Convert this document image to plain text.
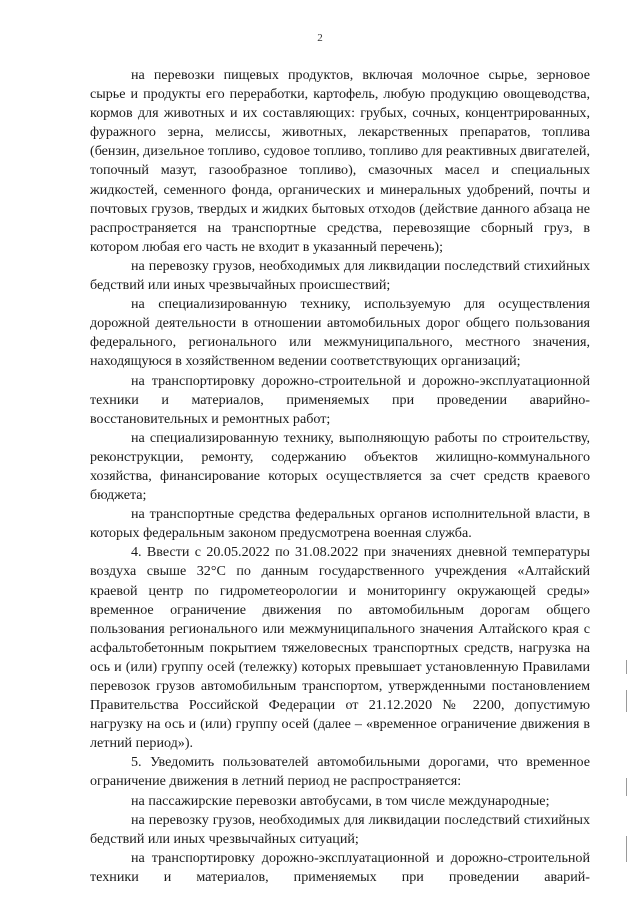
2

на перевозки пищевых продуктов, включая молочное сырье, зерновое сырье и продукты его переработки, картофель, любую продукцию овощеводства, кормов для животных и их составляющих: грубых, сочных, концентрированных, фуражного зерна, мелиссы, животных, лекарственных препаратов, топлива (бензин, дизельное топливо, судовое топливо, топливо для реактивных двигателей, топочный мазут, газообразное топливо), смазочных масел и специальных жидкостей, семенного фонда, органических и минеральных удобрений, почты и почтовых грузов, твердых и жидких бытовых отходов (действие данного абзаца не распространяется на транспортные средства, перевозящие сборный груз, в котором любая его часть не входит в указанный перечень);

на перевозку грузов, необходимых для ликвидации последствий стихийных бедствий или иных чрезвычайных происшествий;

на специализированную технику, используемую для осуществления дорожной деятельности в отношении автомобильных дорог общего пользования федерального, регионального или межмуниципального, местного значения, находящуюся в хозяйственном ведении соответствующих организаций;

на транспортировку дорожно-строительной и дорожно-эксплуатационной техники и материалов, применяемых при проведении аварийно-восстановительных и ремонтных работ;

на специализированную технику, выполняющую работы по строительству, реконструкции, ремонту, содержанию объектов жилищно-коммунального хозяйства, финансирование которых осуществляется за счет средств краевого бюджета;

на транспортные средства федеральных органов исполнительной власти, в которых федеральным законом предусмотрена военная служба.

4. Ввести с 20.05.2022 по 31.08.2022 при значениях дневной температуры воздуха свыше 32°С по данным государственного учреждения «Алтайский краевой центр по гидрометеорологии и мониторингу окружающей среды» временное ограничение движения по автомобильным дорогам общего пользования регионального или межмуниципального значения Алтайского края с асфальтобетонным покрытием тяжеловесных транспортных средств, нагрузка на ось и (или) группу осей (тележку) которых превышает установленную Правилами перевозок грузов автомобильным транспортом, утвержденными постановлением Правительства Российской Федерации от 21.12.2020 № 2200, допустимую нагрузку на ось и (или) группу осей (далее – «временное ограничение движения в летний период»).

5. Уведомить пользователей автомобильными дорогами, что временное ограничение движения в летний период не распространяется:

на пассажирские перевозки автобусами, в том числе международные;

на перевозку грузов, необходимых для ликвидации последствий стихийных бедствий или иных чрезвычайных ситуаций;

на транспортировку дорожно-эксплуатационной и дорожно-строительной техники и материалов, применяемых при проведении аварий-
